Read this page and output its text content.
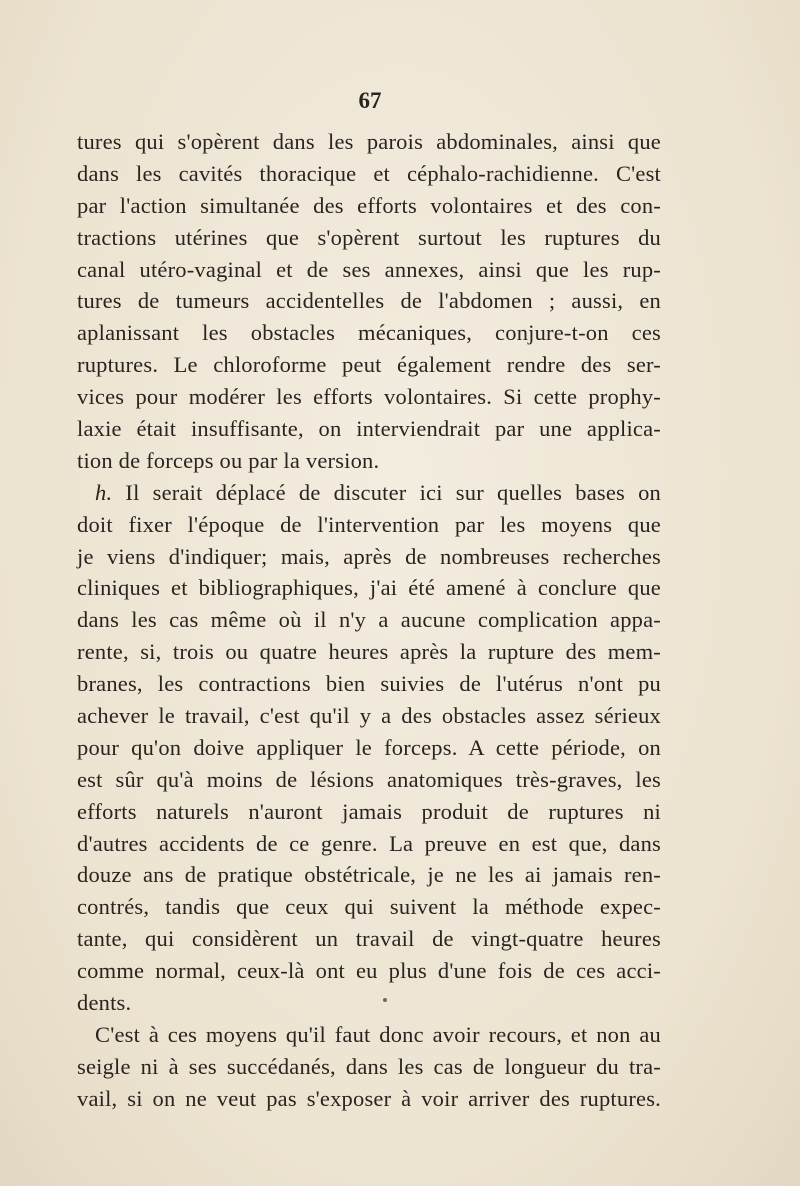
67
tures qui s'opèrent dans les parois abdominales, ainsi que
dans les cavités thoracique et céphalo-rachidienne. C'est
par l'action simultanée des efforts volontaires et des con-
tractions utérines que s'opèrent surtout les ruptures du
canal utéro-vaginal et de ses annexes, ainsi que les rup-
tures de tumeurs accidentelles de l'abdomen ; aussi, en
aplanissant les obstacles mécaniques, conjure-t-on ces
ruptures. Le chloroforme peut également rendre des ser-
vices pour modérer les efforts volontaires. Si cette prophy-
laxie était insuffisante, on interviendrait par une applica-
tion de forceps ou par la version.
h. Il serait déplacé de discuter ici sur quelles bases on
doit fixer l'époque de l'intervention par les moyens que
je viens d'indiquer; mais, après de nombreuses recherches
cliniques et bibliographiques, j'ai été amené à conclure que
dans les cas même où il n'y a aucune complication appa-
rente, si, trois ou quatre heures après la rupture des mem-
branes, les contractions bien suivies de l'utérus n'ont pu
achever le travail, c'est qu'il y a des obstacles assez sérieux
pour qu'on doive appliquer le forceps. A cette période, on
est sûr qu'à moins de lésions anatomiques très-graves, les
efforts naturels n'auront jamais produit de ruptures ni
d'autres accidents de ce genre. La preuve en est que, dans
douze ans de pratique obstétricale, je ne les ai jamais ren-
contrés, tandis que ceux qui suivent la méthode expec-
tante, qui considèrent un travail de vingt-quatre heures
comme normal, ceux-là ont eu plus d'une fois de ces acci-
dents.
C'est à ces moyens qu'il faut donc avoir recours, et non au
seigle ni à ses succédanés, dans les cas de longueur du tra-
vail, si on ne veut pas s'exposer à voir arriver des ruptures.
